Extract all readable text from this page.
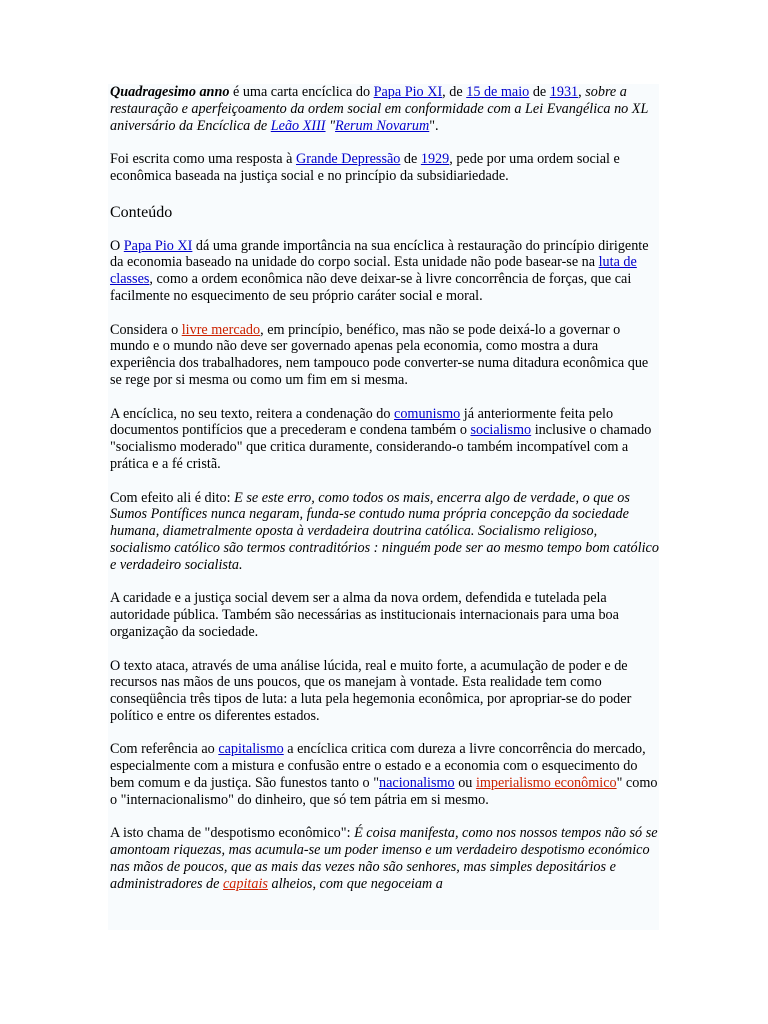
Quadragesimo anno é uma carta encíclica do Papa Pio XI, de 15 de maio de 1931, sobre a restauração e aperfeiçoamento da ordem social em conformidade com a Lei Evangélica no XL aniversário da Encíclica de Leão XIII "Rerum Novarum".

Foi escrita como uma resposta à Grande Depressão de 1929, pede por uma ordem social e econômica baseada na justiça social e no princípio da subsidiariedade.

Conteúdo

O Papa Pio XI dá uma grande importância na sua encíclica à restauração do princípio dirigente da economia baseado na unidade do corpo social. Esta unidade não pode basear-se na luta de classes, como a ordem econômica não deve deixar-se à livre concorrência de forças, que cai facilmente no esquecimento de seu próprio caráter social e moral.

Considera o livre mercado, em princípio, benéfico, mas não se pode deixá-lo a governar o mundo e o mundo não deve ser governado apenas pela economia, como mostra a dura experiência dos trabalhadores, nem tampouco pode converter-se numa ditadura econômica que se rege por si mesma ou como um fim em si mesma.

A encíclica, no seu texto, reitera a condenação do comunismo já anteriormente feita pelo documentos pontifícios que a precederam e condena também o socialismo inclusive o chamado "socialismo moderado" que critica duramente, considerando-o também incompatível com a prática e a fé cristã.

Com efeito ali é dito: E se este erro, como todos os mais, encerra algo de verdade, o que os Sumos Pontífices nunca negaram, funda-se contudo numa própria concepção da sociedade humana, diametralmente oposta à verdadeira doutrina católica. Socialismo religioso, socialismo católico são termos contraditórios : ninguém pode ser ao mesmo tempo bom católico e verdadeiro socialista.

A caridade e a justiça social devem ser a alma da nova ordem, defendida e tutelada pela autoridade pública. Também são necessárias as institucionais internacionais para uma boa organização da sociedade.

O texto ataca, através de uma análise lúcida, real e muito forte, a acumulação de poder e de recursos nas mãos de uns poucos, que os manejam à vontade. Esta realidade tem como conseqüência três tipos de luta: a luta pela hegemonia econômica, por apropriar-se do poder político e entre os diferentes estados.

Com referência ao capitalismo a encíclica critica com dureza a livre concorrência do mercado, especialmente com a mistura e confusão entre o estado e a economia com o esquecimento do bem comum e da justiça. São funestos tanto o "nacionalismo ou imperialismo econômico" como o "internacionalismo" do dinheiro, que só tem pátria em si mesmo.

A isto chama de "despotismo econômico": É coisa manifesta, como nos nossos tempos não só se amontoam riquezas, mas acumula-se um poder imenso e um verdadeiro despotismo económico nas mãos de poucos, que as mais das vezes não são senhores, mas simples depositários e administradores de capitais alheios, com que negoceiam a
